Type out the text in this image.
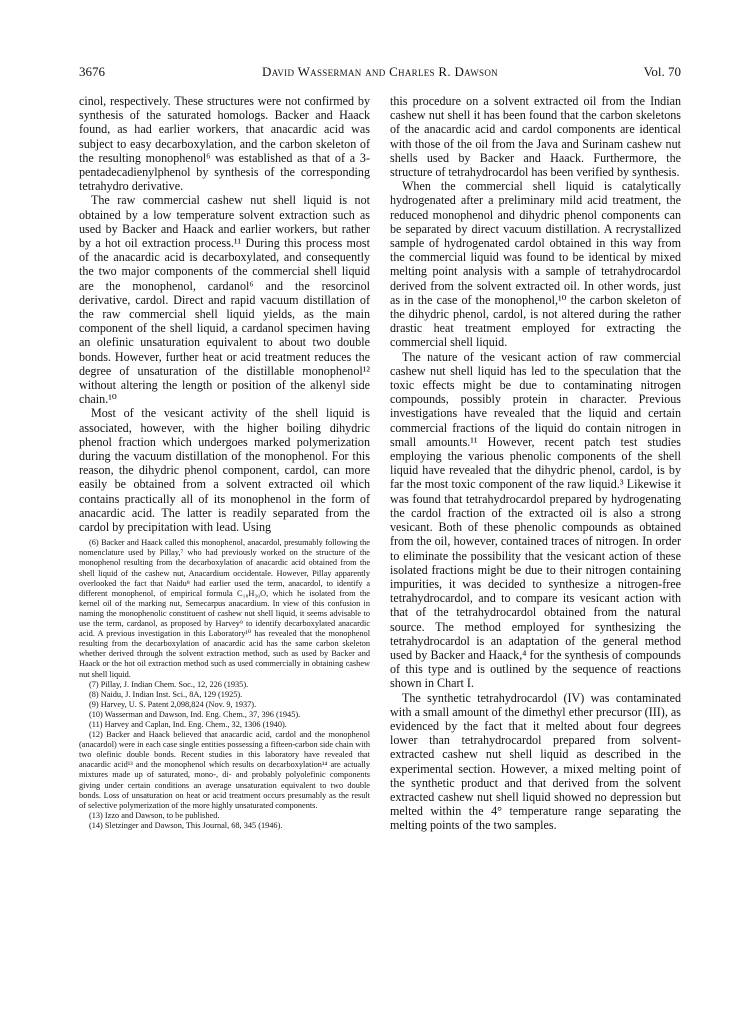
3676	David Wasserman and Charles R. Dawson	Vol. 70

cinol, respectively. These structures were not confirmed by synthesis of the saturated homologs. Backer and Haack found, as had earlier workers, that anacardic acid was subject to easy decarboxylation, and the carbon skeleton of the resulting monophenol⁶ was established as that of a 3-pentadecadienylphenol by synthesis of the corresponding tetrahydro derivative.

The raw commercial cashew nut shell liquid is not obtained by a low temperature solvent extraction such as used by Backer and Haack and earlier workers, but rather by a hot oil extraction process.¹¹ During this process most of the anacardic acid is decarboxylated, and consequently the two major components of the commercial shell liquid are the monophenol, cardanol⁶ and the resorcinol derivative, cardol. Direct and rapid vacuum distillation of the raw commercial shell liquid yields, as the main component of the shell liquid, a cardanol specimen having an olefinic unsaturation equivalent to about two double bonds. However, further heat or acid treatment reduces the degree of unsaturation of the distillable monophenol¹² without altering the length or position of the alkenyl side chain.¹⁰

Most of the vesicant activity of the shell liquid is associated, however, with the higher boiling dihydric phenol fraction which undergoes marked polymerization during the vacuum distillation of the monophenol. For this reason, the dihydric phenol component, cardol, can more easily be obtained from a solvent extracted oil which contains practically all of its monophenol in the form of anacardic acid. The latter is readily separated from the cardol by precipitation with lead. Using

(6) Backer and Haack called this monophenol, anacardol, presumably following the nomenclature used by Pillay,⁷ who had previously worked on the structure of the monophenol resulting from the decarboxylation of anacardic acid obtained from the shell liquid of the cashew nut, Anacardium occidentale. However, Pillay apparently overlooked the fact that Naidu⁸ had earlier used the term, anacardol, to identify a different monophenol, of empirical formula C₁₈H₃₀O, which he isolated from the kernel oil of the marking nut, Semecarpus anacardium. In view of this confusion in naming the monophenolic constituent of cashew nut shell liquid, it seems advisable to use the term, cardanol, as proposed by Harvey⁹ to identify decarboxylated anacardic acid. A previous investigation in this Laboratory¹⁰ has revealed that the monophenol resulting from the decarboxylation of anacardic acid has the same carbon skeleton whether derived through the solvent extraction method, such as used by Backer and Haack or the hot oil extraction method such as used commercially in obtaining cashew nut shell liquid.

(7) Pillay, J. Indian Chem. Soc., 12, 226 (1935).

(8) Naidu, J. Indian Inst. Sci., 8A, 129 (1925).

(9) Harvey, U. S. Patent 2,098,824 (Nov. 9, 1937).

(10) Wasserman and Dawson, Ind. Eng. Chem., 37, 396 (1945).

(11) Harvey and Caplan, Ind. Eng. Chem., 32, 1306 (1940).

(12) Backer and Haack believed that anacardic acid, cardol and the monophenol (anacardol) were in each case single entities possessing a fifteen-carbon side chain with two olefinic double bonds. Recent studies in this laboratory have revealed that anacardic acid¹³ and the monophenol which results on decarboxylation¹⁴ are actually mixtures made up of saturated, mono-, di- and probably polyolefinic components giving under certain conditions an average unsaturation equivalent to two double bonds. Loss of unsaturation on heat or acid treatment occurs presumably as the result of selective polymerization of the more highly unsaturated components.

(13) Izzo and Dawson, to be published.

(14) Sletzinger and Dawson, This Journal, 68, 345 (1946).

this procedure on a solvent extracted oil from the Indian cashew nut shell it has been found that the carbon skeletons of the anacardic acid and cardol components are identical with those of the oil from the Java and Surinam cashew nut shells used by Backer and Haack. Furthermore, the structure of tetrahydrocardol has been verified by synthesis.

When the commercial shell liquid is catalytically hydrogenated after a preliminary mild acid treatment, the reduced monophenol and dihydric phenol components can be separated by direct vacuum distillation. A recrystallized sample of hydrogenated cardol obtained in this way from the commercial liquid was found to be identical by mixed melting point analysis with a sample of tetrahydrocardol derived from the solvent extracted oil. In other words, just as in the case of the monophenol,¹⁰ the carbon skeleton of the dihydric phenol, cardol, is not altered during the rather drastic heat treatment employed for extracting the commercial shell liquid.

The nature of the vesicant action of raw commercial cashew nut shell liquid has led to the speculation that the toxic effects might be due to contaminating nitrogen compounds, possibly protein in character. Previous investigations have revealed that the liquid and certain commercial fractions of the liquid do contain nitrogen in small amounts.¹¹ However, recent patch test studies employing the various phenolic components of the shell liquid have revealed that the dihydric phenol, cardol, is by far the most toxic component of the raw liquid.³ Likewise it was found that tetrahydrocardol prepared by hydrogenating the cardol fraction of the extracted oil is also a strong vesicant. Both of these phenolic compounds as obtained from the oil, however, contained traces of nitrogen. In order to eliminate the possibility that the vesicant action of these isolated fractions might be due to their nitrogen containing impurities, it was decided to synthesize a nitrogen-free tetrahydrocardol, and to compare its vesicant action with that of the tetrahydrocardol obtained from the natural source. The method employed for synthesizing the tetrahydrocardol is an adaptation of the general method used by Backer and Haack,⁴ for the synthesis of compounds of this type and is outlined by the sequence of reactions shown in Chart I.

The synthetic tetrahydrocardol (IV) was contaminated with a small amount of the dimethyl ether precursor (III), as evidenced by the fact that it melted about four degrees lower than tetrahydrocardol prepared from solvent-extracted cashew nut shell liquid as described in the experimental section. However, a mixed melting point of the synthetic product and that derived from the solvent extracted cashew nut shell liquid showed no depression but melted within the 4° temperature range separating the melting points of the two samples.
